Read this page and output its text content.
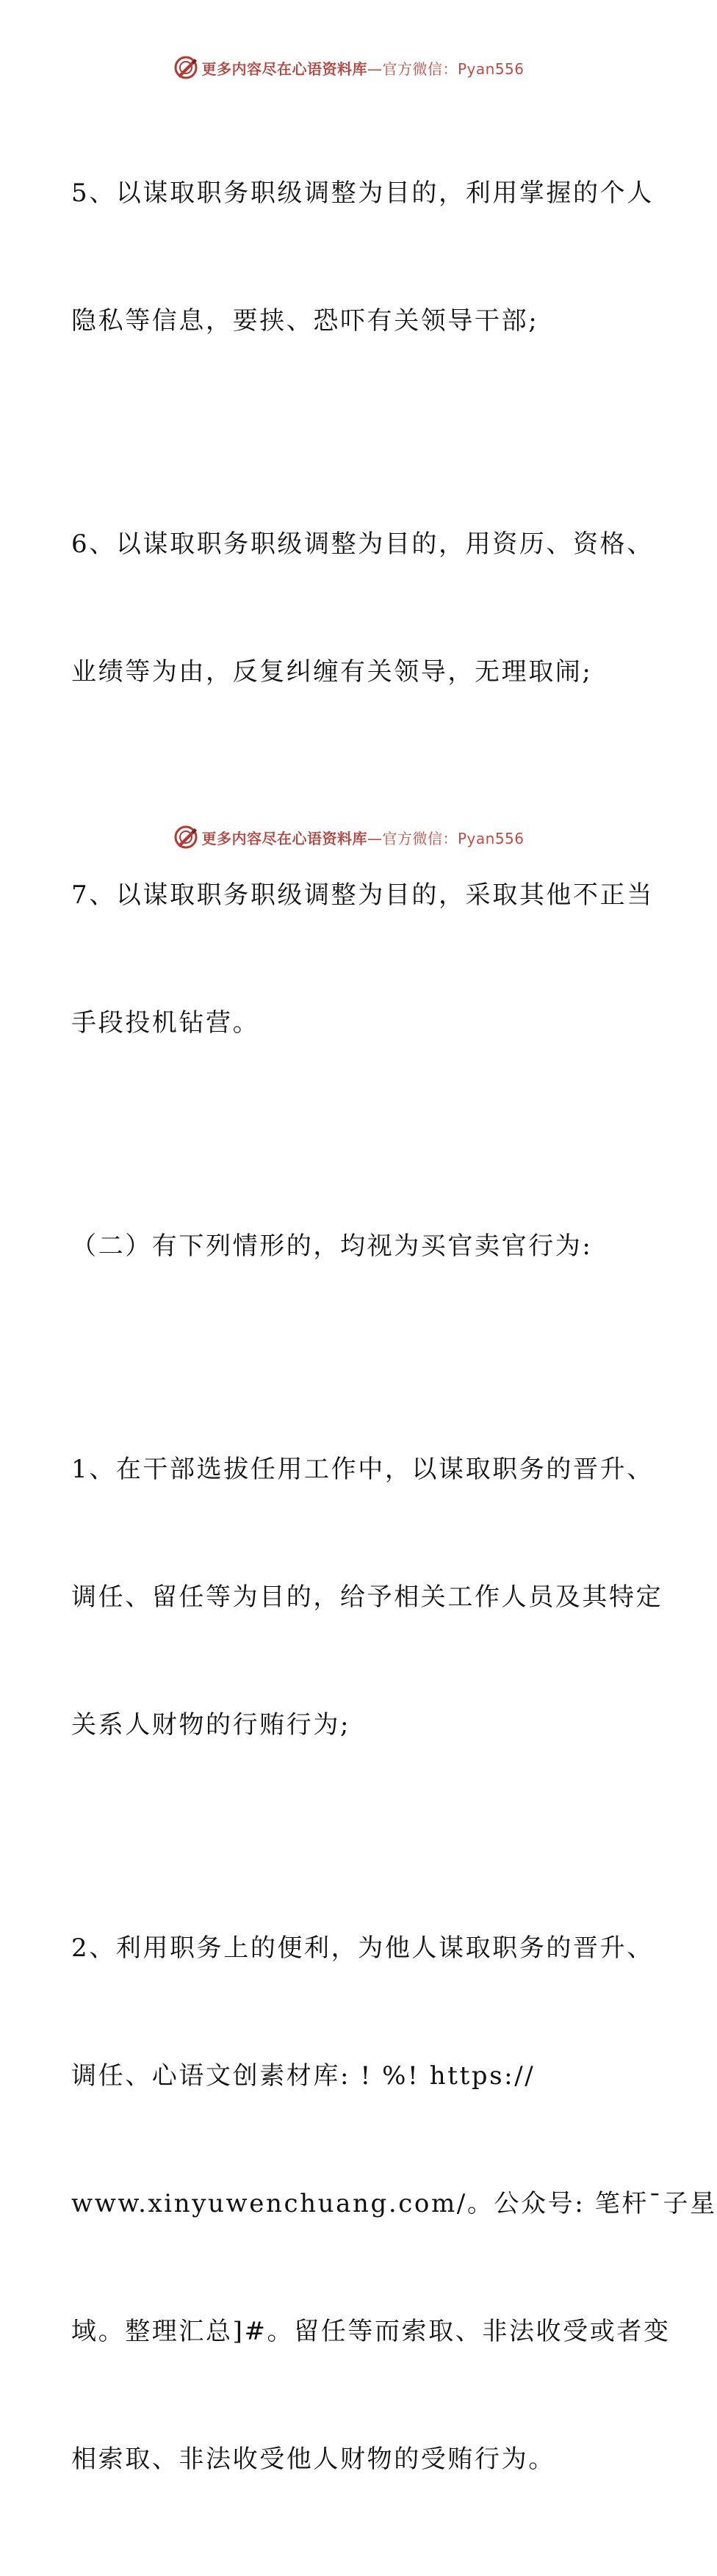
更多内容尽在心语资料库—官方微信：Pyan556

5、以谋取职务职级调整为目的，利用掌握的个人

隐私等信息，要挟、恐吓有关领导干部;

6、以谋取职务职级调整为目的，用资历、资格、

业绩等为由，反复纠缠有关领导，无理取闹;

7、以谋取职务职级调整为目的，采取其他不正当

手段投机钻营。

（二）有下列情形的，均视为买官卖官行为:

1、在干部选拔任用工作中，以谋取职务的晋升、

调任、留任等为目的，给予相关工作人员及其特定

关系人财物的行贿行为;

2、利用职务上的便利，为他人谋取职务的晋升、

调任、心语文创素材库: ! %! https://

www.xinyuwenchuang.com/。公众号: 笔杆¯子星

域。整理汇总]#。留任等而索取、非法收受或者变

相索取、非法收受他人财物的受贿行为。

更多内容尽在心语资料库—官方微信：Pyan556
